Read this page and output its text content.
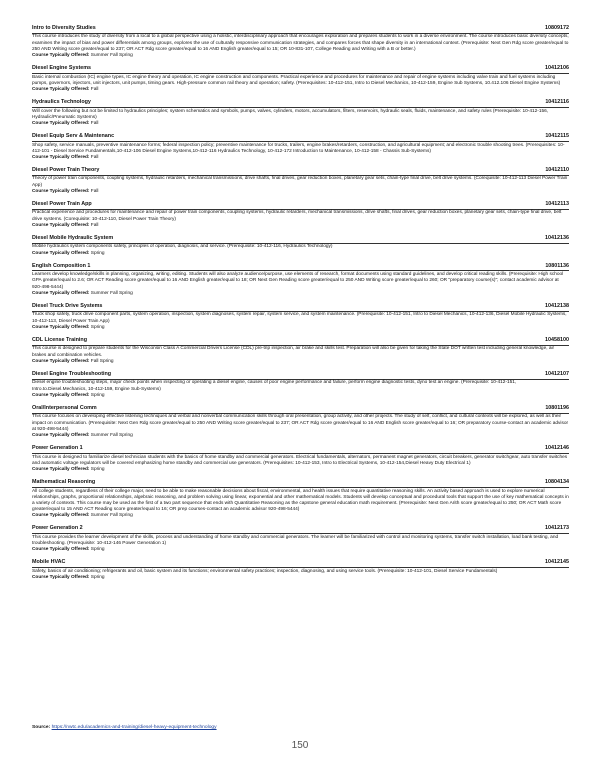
Intro to Diversity Studies	10809172
This course introduces the study of diversity from a local to a global perspective using a holistic, interdisciplinary approach that encourages exploration and prepares students to work in a diverse environment. The course introduces basic diversity concepts, examines the impact of bias and power differentials among groups, explores the use of culturally responsive communication strategies, and compares forces that shape diversity in an international context. (Prerequisite: Next Gen Rdg score greater/equal to 250 AND Writing score greater/equal to 237; OR ACT Rdg score greater/equal to 16 AND English greater/equal to 15; OR 10-831-107, College Reading and Writing with a B or better.)
Course Typically Offered: Summer Fall Spring
Diesel Engine Systems	10412106
Basic internal combustion (IC) engine types, IC engine theory and operation, IC engine construction and components. Practical experience and procedures for maintenance and repair of engine systems including valve train and fuel systems including pumps, governors, injectors, unit injectors, unit pumps, timing gears. High-pressure common rail theory and operation; safety. (Prerequisites: 10-412-151, Intro to Diesel Mechanics, 10-412-159, Engine Sub Systems, 10.412.106 Diesel Engine Systems)
Course Typically Offered: Fall
Hydraulics Technology	10412116
Will cover the following but not be limited to hydraulics principles; system schematics and symbols, pumps, valves, cylinders, motors, accumulators, filters, reservoirs, hydraulic seals, fluids, maintenance, and safety rules (Prerequisite: 10-412-156, Hydraulic/Pneumatic Systems)
Course Typically Offered: Fall
Diesel Equip Serv & Maintenanc	10412115
Shop safety, service manuals, preventive maintenance forms; federal inspection policy; preventive maintenance for trucks, trailers, engine brakes/retarders, construction, and agricultural equipment; and electronic trouble shooting trees. (Prerequisites: 10-412-101 - Diesel Service Fundamentals,10-412-106 Diesel Engine Systems,10-412-116 Hydraulics Technology, 10-412-172 Introduction to Maintenance, 10-412-158 - Chassis Sub-Systems)
Course Typically Offered: Fall
Diesel Power Train Theory	10412110
Theory of power train components, coupling systems, hydraulic retarders, mechanical transmissions, drive shafts, final drives, gear reduction boxes, planetary gear sets, chain-type final drive, belt drive systems. (Corequisite: 10-412-113 Diesel Power Train App)
Course Typically Offered: Fall
Diesel Power Train App	10412113
Practical experience and procedures for maintenance and repair of power train components, coupling systems, hydraulic retarders, mechanical transmissions, drive shafts, final drives, gear reduction boxes, planetary gear sets, chain-type final drive, belt drive systems. (Corequisite: 10-412-110, Diesel Power Train Theory)
Course Typically Offered: Fall
Diesel Mobile Hydraulic System	10412136
Mobile hydraulics system components safety, principles of operation, diagnosis, and service. (Prerequisite: 10-412-116, Hydraulics Technology)
Course Typically Offered: Spring
English Composition 1	10801136
Learners develop knowledge/skills in planning, organizing, writing, editing. Students will also analyze audience/purpose, use elements of research, format documents using standard guidelines, and develop critical reading skills. (Prerequisite: High school GPA greater/equal to 2.6; OR ACT Reading score greater/equal to 16 AND English greater/equal to 18; OR Next Gen Reading score greater/equal to 250 AND Writing score greater/equal to 260; OR "preparatory course(s)"; contact academic advisor at 920-498-5444)
Course Typically Offered: Summer Fall Spring
Diesel Truck Drive Systems	10412138
Truck shop safety, truck drive component parts, system operation, inspection, system diagnoses, system repair, system service, and system maintenance. (Prerequisite: 10-412-151, Intro to Diesel Mechanics, 10-412-136, Diesel Mobile Hydraulic Systems, 10-412-113, Diesel Power Train App)
Course Typically Offered: Spring
CDL License Training	10458100
This course is designed to prepare students for the Wisconsin Class A Commercial Drivers License (CDL) pre-trip inspection, air brake and skills test. Preparation will also be given for taking the State DOT written test including general knowledge, air brakes and combination vehicles.
Course Typically Offered: Fall Spring
Diesel Engine Troubleshooting	10412107
Diesel engine troubleshooting steps, major check points when inspecting or operating a diesel engine, causes of poor engine performance and failure, perform engine diagnostic tests, dyno test an engine. (Prerequisite: 10-412-151, Intro.to.Diesel.Mechanics, 10-412-159, Engine Sub-Systems)
Course Typically Offered: Spring
Oral/Interpersonal Comm	10801196
This course focuses on developing effective listening techniques and verbal and nonverbal communication skills through oral presentation, group activity, and other projects. The study of self, conflict, and cultural contexts will be explored, as well as their impact on communication. (Prerequisite: Next Gen Rdg score greater/equal to 250 AND Writing score greater/equal to 237; OR ACT Rdg score greater/equal to 16 AND English score greater/equal to 16; OR preparatory course-contact an academic advisor at 920-498-5444)
Course Typically Offered: Summer Fall Spring
Power Generation 1	10412146
This course is designed to familiarize diesel technician students with the basics of home standby and commercial generators. Electrical fundamentals, alternators, permanent magnet generators, circuit breakers, generator switchgear, auto transfer switches and automatic voltage regulators will be covered emphasizing home standby and commercial use generators. (Prerequisites: 10-412-153, Intro to Electrical Systems, 10-412-154,Diesel Heavy Duty Electrical 1)
Course Typically Offered: Spring
Mathematical Reasoning	10804134
All college students, regardless of their college major, need to be able to make reasonable decisions about fiscal, environmental, and health issues that require quantitative reasoning skills. An activity based approach is used to explore numerical relationships, graphs, proportional relationships, algebraic reasoning, and problem solving using linear, exponential and other mathematical models. Students will develop conceptual and procedural tools that support the use of key mathematical concepts in a variety of contexts. This course may be used as the first of a two part sequence that ends with Quantitative Reasoning as the capstone general education math requirement. (Prerequisite: Next Gen Arith score greater/equal to 250; OR ACT Math score greater/equal to 15 AND ACT Reading score greater/equal to 16; OR prep courses-contact an academic advisor 920-498-5444)
Course Typically Offered: Summer Fall Spring
Power Generation 2	10412173
This course provides the learner development of the skills, process and understanding of home standby and commercial generators. The learner will be familiarized with control and monitoring systems, transfer switch installation, load bank testing, and troubleshooting. (Prerequisite: 10-412-146 Power Generation 1)
Course Typically Offered: Spring
Mobile HVAC	10412145
Safety, basics of air conditioning; refrigerants and oil, basic system and its functions; environmental safety practices; inspection, diagnosing, and using service tools. (Prerequisite: 10-412-101, Diesel Service Fundamentals)
Course Typically Offered: Spring
Source: https://nwtc.edu/academics-and-training/diesel-heavy-equipment-technology
150
